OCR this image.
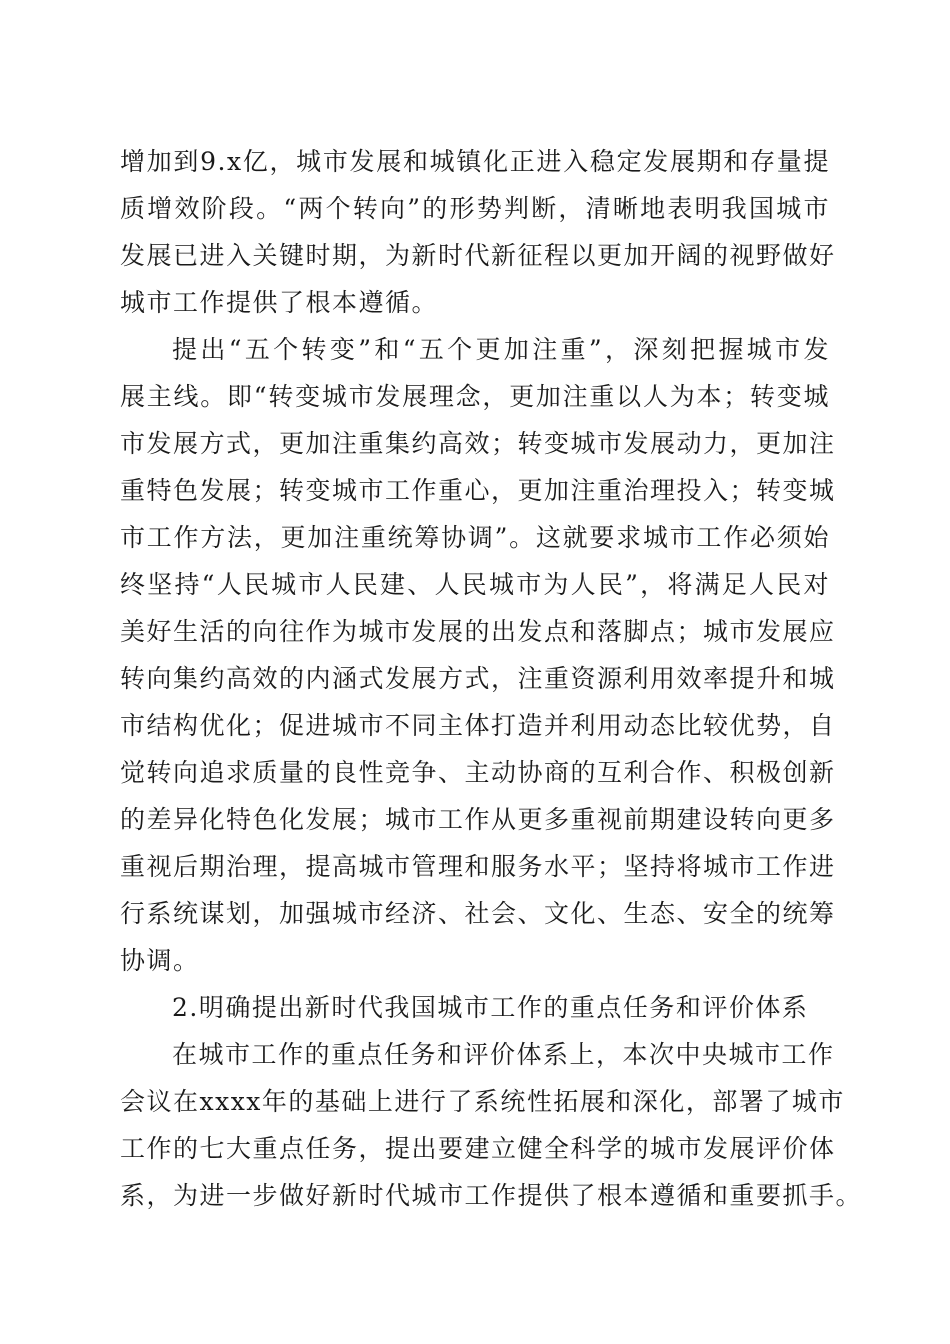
增加到9.x亿，城市发展和城镇化正进入稳定发展期和存量提
质增效阶段。“两个转向”的形势判断，清晰地表明我国城市
发展已进入关键时期，为新时代新征程以更加开阔的视野做好
城市工作提供了根本遵循。
提出“五个转变”和“五个更加注重”，深刻把握城市发
展主线。即“转变城市发展理念，更加注重以人为本；转变城
市发展方式，更加注重集约高效；转变城市发展动力，更加注
重特色发展；转变城市工作重心，更加注重治理投入；转变城
市工作方法，更加注重统筹协调”。这就要求城市工作必须始
终坚持“人民城市人民建、人民城市为人民”，将满足人民对
美好生活的向往作为城市发展的出发点和落脚点；城市发展应
转向集约高效的内涵式发展方式，注重资源利用效率提升和城
市结构优化；促进城市不同主体打造并利用动态比较优势，自
觉转向追求质量的良性竞争、主动协商的互利合作、积极创新
的差异化特色化发展；城市工作从更多重视前期建设转向更多
重视后期治理，提高城市管理和服务水平；坚持将城市工作进
行系统谋划，加强城市经济、社会、文化、生态、安全的统筹
协调。
2.明确提出新时代我国城市工作的重点任务和评价体系
在城市工作的重点任务和评价体系上，本次中央城市工作
会议在xxxx年的基础上进行了系统性拓展和深化，部署了城市
工作的七大重点任务，提出要建立健全科学的城市发展评价体
系，为进一步做好新时代城市工作提供了根本遵循和重要抓手。
